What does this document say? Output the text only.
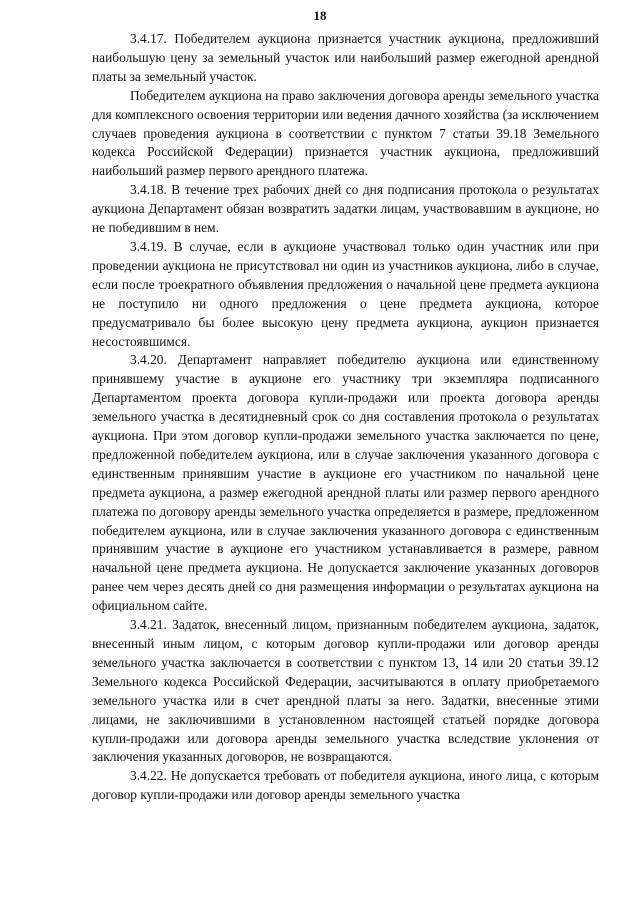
18

3.4.17. Победителем аукциона признается участник аукциона, предложивший наибольшую цену за земельный участок или наибольший размер ежегодной арендной платы за земельный участок.

Победителем аукциона на право заключения договора аренды земельного участка для комплексного освоения территории или ведения дачного хозяйства (за исключением случаев проведения аукциона в соответствии с пунктом 7 статьи 39.18 Земельного кодекса Российской Федерации) признается участник аукциона, предложивший наибольший размер первого арендного платежа.

3.4.18. В течение трех рабочих дней со дня подписания протокола о результатах аукциона Департамент обязан возвратить задатки лицам, участвовавшим в аукционе, но не победившим в нем.

3.4.19. В случае, если в аукционе участвовал только один участник или при проведении аукциона не присутствовал ни один из участников аукциона, либо в случае, если после троекратного объявления предложения о начальной цене предмета аукциона не поступило ни одного предложения о цене предмета аукциона, которое предусматривало бы более высокую цену предмета аукциона, аукцион признается несостоявшимся.

3.4.20. Департамент направляет победителю аукциона или единственному принявшему участие в аукционе его участнику три экземпляра подписанного Департаментом проекта договора купли-продажи или проекта договора аренды земельного участка в десятидневный срок со дня составления протокола о результатах аукциона. При этом договор купли-продажи земельного участка заключается по цене, предложенной победителем аукциона, или в случае заключения указанного договора с единственным принявшим участие в аукционе его участником по начальной цене предмета аукциона, а размер ежегодной арендной платы или размер первого арендного платежа по договору аренды земельного участка определяется в размере, предложенном победителем аукциона, или в случае заключения указанного договора с единственным принявшим участие в аукционе его участником устанавливается в размере, равном начальной цене предмета аукциона. Не допускается заключение указанных договоров ранее чем через десять дней со дня размещения информации о результатах аукциона на официальном сайте.

3.4.21. Задаток, внесенный лицом, признанным победителем аукциона, задаток, внесенный иным лицом, с которым договор купли-продажи или договор аренды земельного участка заключается в соответствии с пунктом 13, 14 или 20 статьи 39.12 Земельного кодекса Российской Федерации, засчитываются в оплату приобретаемого земельного участка или в счет арендной платы за него. Задатки, внесенные этими лицами, не заключившими в установленном настоящей статьей порядке договора купли-продажи или договора аренды земельного участка вследствие уклонения от заключения указанных договоров, не возвращаются.

3.4.22. Не допускается требовать от победителя аукциона, иного лица, с которым договор купли-продажи или договор аренды земельного участка
